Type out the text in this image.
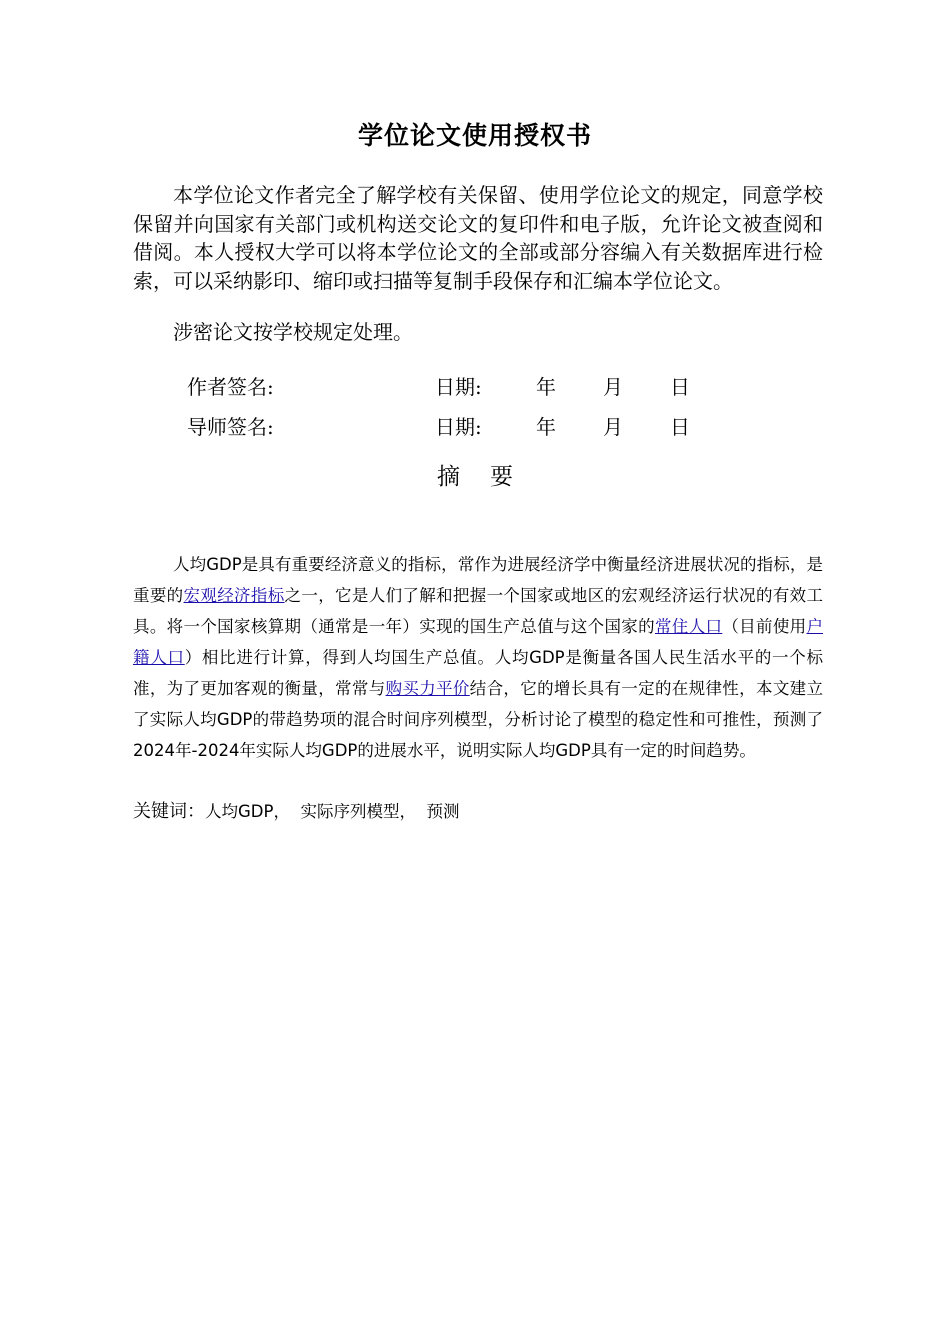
学位论文使用授权书

本学位论文作者完全了解学校有关保留、使用学位论文的规定，同意学校保留并向国家有关部门或机构送交论文的复印件和电子版，允许论文被查阅和借阅。本人授权大学可以将本学位论文的全部或部分容编入有关数据库进行检索，可以采纳影印、缩印或扫描等复制手段保存和汇编本学位论文。

涉密论文按学校规定处理。

作者签名:	日期:	年 月 日
导师签名:	日期:	年 月 日
摘 要

人均GDP是具有重要经济意义的指标，常作为进展经济学中衡量经济进展状况的指标，是重要的宏观经济指标之一，它是人们了解和把握一个国家或地区的宏观经济运行状况的有效工具。将一个国家核算期（通常是一年）实现的国生产总值与这个国家的常住人口（目前使用户籍人口）相比进行计算，得到人均国生产总值。人均GDP是衡量各国人民生活水平的一个标准，为了更加客观的衡量，常常与购买力平价结合，它的增长具有一定的在规律性，本文建立了实际人均GDP的带趋势项的混合时间序列模型，分析讨论了模型的稳定性和可推性，预测了2024年-2024年实际人均GDP的进展水平，说明实际人均GDP具有一定的时间趋势。

关键词：人均GDP， 实际序列模型， 预测
